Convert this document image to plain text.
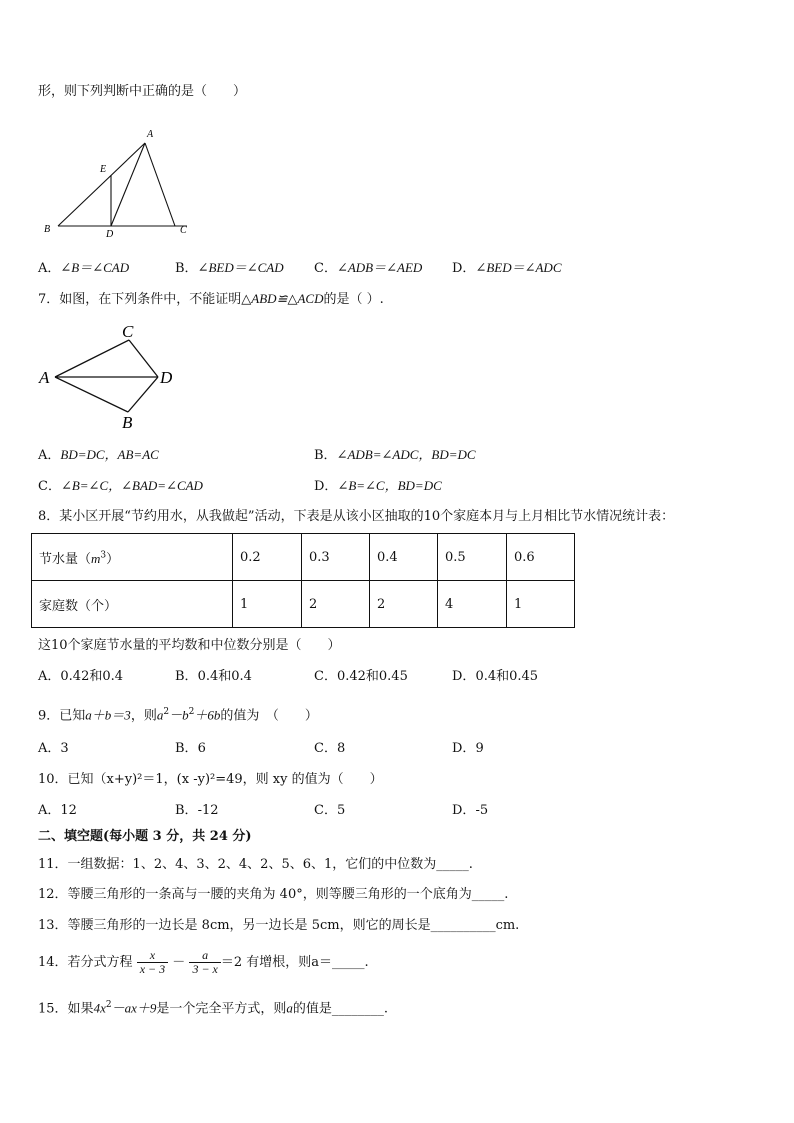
形，则下列判断中正确的是（　　）
A
B	C
D
E
A．∠B＝∠CAD	B．∠BED＝∠CAD C．∠ADB＝∠AED D．∠BED＝∠ADC
7．如图，在下列条件中，不能证明△ABD≌△ACD的是（ ）.
C
A	D
B
A．BD=DC，AB=AC	B．∠ADB=∠ADC，BD=DC
C．∠B=∠C，∠BAD=∠CAD	D．∠B=∠C，BD=DC
8．某小区开展“节约用水，从我做起”活动，下表是从该小区抽取的10个家庭本月与上月相比节水情况统计表：
节水量$(m^3)$	0.2	0.3	0.4	0.5	0.6
家庭数（个）	1	2	2	4	1
这10个家庭节水量的平均数和中位数分别是（　　）
A．0.42和0.4	B．0.4和0.4	C．0.42和0.45	D．0.4和0.45
9．已知a＋b＝3，则$a^2-b^2+6b$的值为　（　　）
A．3	B．6	C．8	D．9
10．已知（x+y)²＝1，(x -y)²=49，则 xy 的值为（　　）
A．12	B．-12	C．5	D．-5
二、填空题(每小题 3 分，共 24 分)
11．一组数据：1、2、4、3、2、4、2、5、6、1，它们的中位数为_____.
12．等腰三角形的一条高与一腰的夹角为 40°，则等腰三角形的一个底角为_____.
13．等腰三角形的一边长是 8cm，另一边长是 5cm，则它的周长是__________cm.
14．若分式方程 $\frac{x}{x - 3} - \frac{a}{3 - x} =2$ 有增根，则a＝_____.
15．如果$4x^2-ax+9$是一个完全平方式，则a的值是________.
